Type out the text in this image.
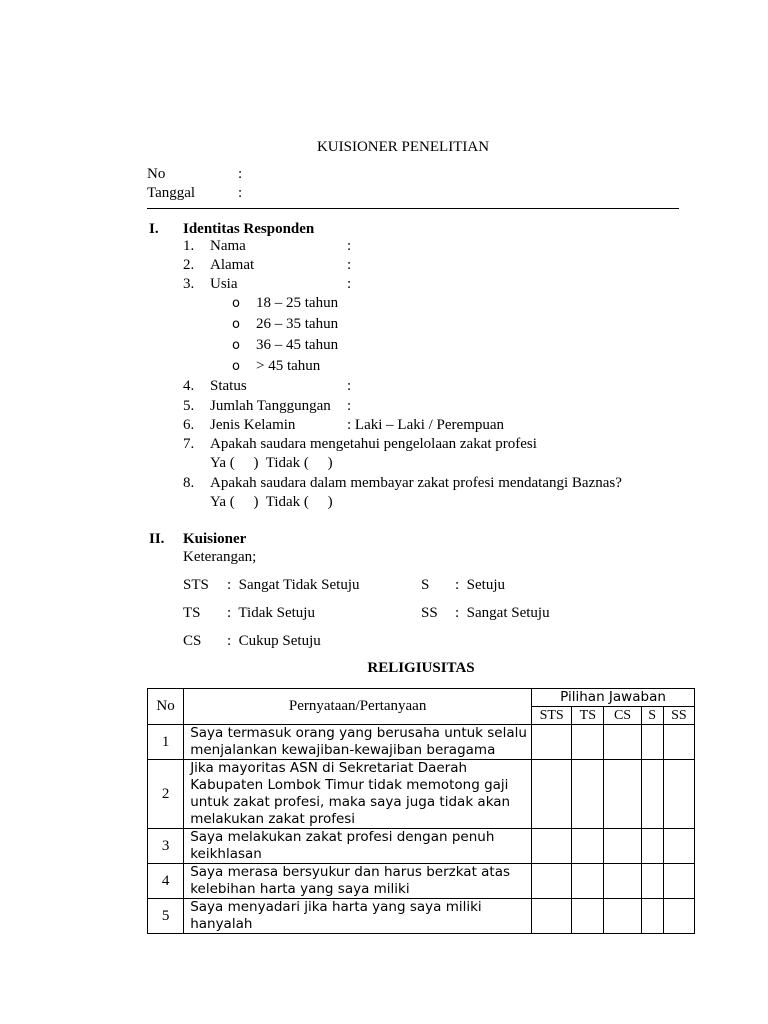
KUISIONER PENELITIAN
No	:
Tanggal	:
I. Identitas Responden
1. Nama	:
2. Alamat	:
3. Usia	:
o 18 – 25 tahun
o 26 – 35 tahun
o 36 – 45 tahun
o > 45 tahun
4. Status	:
5. Jumlah Tanggungan :
6. Jenis Kelamin	: Laki – Laki / Perempuan
7. Apakah saudara mengetahui pengelolaan zakat profesi
Ya (     )  Tidak (     )
8. Apakah saudara dalam membayar zakat profesi mendatangi Baznas?
Ya (     )  Tidak (     )
II. Kuisioner
Keterangan;
STS :  Sangat Tidak Setuju	S :  Setuju
TS :  Tidak Setuju	SS :  Sangat Setuju
CS :  Cukup Setuju
RELIGIUSITAS
No	Pernyataan/Pertanyaan	Pilihan Jawaban				
		STS	TS	CS	S	SS
1	Saya termasuk orang yang berusaha untuk selalu menjalankan kewajiban-kewajiban beragama					
2	Jika mayoritas ASN di Sekretariat Daerah Kabupaten Lombok Timur tidak memotong gaji untuk zakat profesi, maka saya juga tidak akan melakukan zakat profesi					
3	Saya melakukan zakat profesi dengan penuh keikhlasan					
4	Saya merasa bersyukur dan harus berzkat atas kelebihan harta yang saya miliki					
5	Saya menyadari jika harta yang saya miliki hanyalah					
